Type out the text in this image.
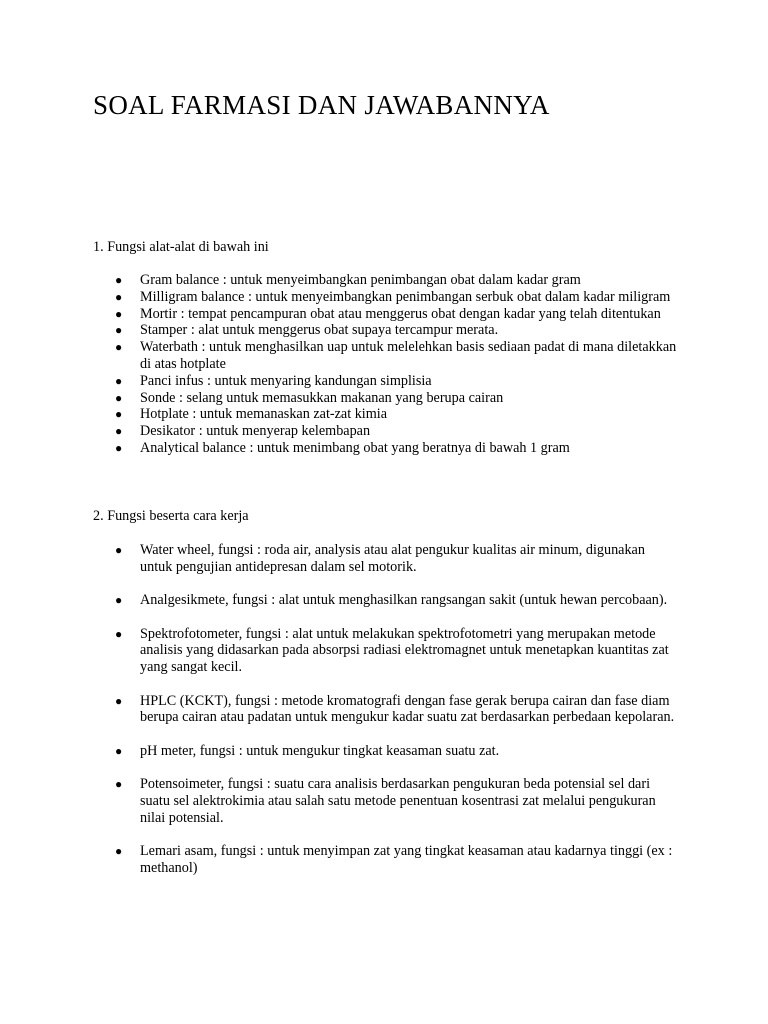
SOAL FARMASI DAN JAWABANNYA

1. Fungsi alat-alat di bawah ini

● Gram balance : untuk menyeimbangkan penimbangan obat dalam kadar gram
● Milligram balance : untuk menyeimbangkan penimbangan serbuk obat dalam kadar miligram
● Mortir : tempat pencampuran obat atau menggerus obat dengan kadar yang telah ditentukan
● Stamper : alat untuk menggerus obat supaya tercampur merata.
● Waterbath : untuk menghasilkan uap untuk melelehkan basis sediaan padat di mana diletakkan di atas hotplate
● Panci infus : untuk menyaring kandungan simplisia
● Sonde : selang untuk memasukkan makanan yang berupa cairan
● Hotplate : untuk memanaskan zat-zat kimia
● Desikator : untuk menyerap kelembapan
● Analytical balance : untuk menimbang obat yang beratnya di bawah 1 gram

2. Fungsi beserta cara kerja

● Water wheel, fungsi : roda air, analysis atau alat pengukur kualitas air minum, digunakan untuk pengujian antidepresan dalam sel motorik.
● Analgesikmete, fungsi : alat untuk menghasilkan rangsangan sakit (untuk hewan percobaan).
● Spektrofotometer, fungsi : alat untuk melakukan spektrofotometri yang merupakan metode analisis yang didasarkan pada absorpsi radiasi elektromagnet untuk menetapkan kuantitas zat yang sangat kecil.
● HPLC (KCKT), fungsi : metode kromatografi dengan fase gerak berupa cairan dan fase diam berupa cairan atau padatan untuk mengukur kadar suatu zat berdasarkan perbedaan kepolaran.
● pH meter, fungsi : untuk mengukur tingkat keasaman suatu zat.
● Potensoimeter, fungsi : suatu cara analisis berdasarkan pengukuran beda potensial sel dari suatu sel alektrokimia atau salah satu metode penentuan kosentrasi zat melalui pengukuran nilai potensial.
● Lemari asam, fungsi : untuk menyimpan zat yang tingkat keasaman atau kadarnya tinggi (ex : methanol)
